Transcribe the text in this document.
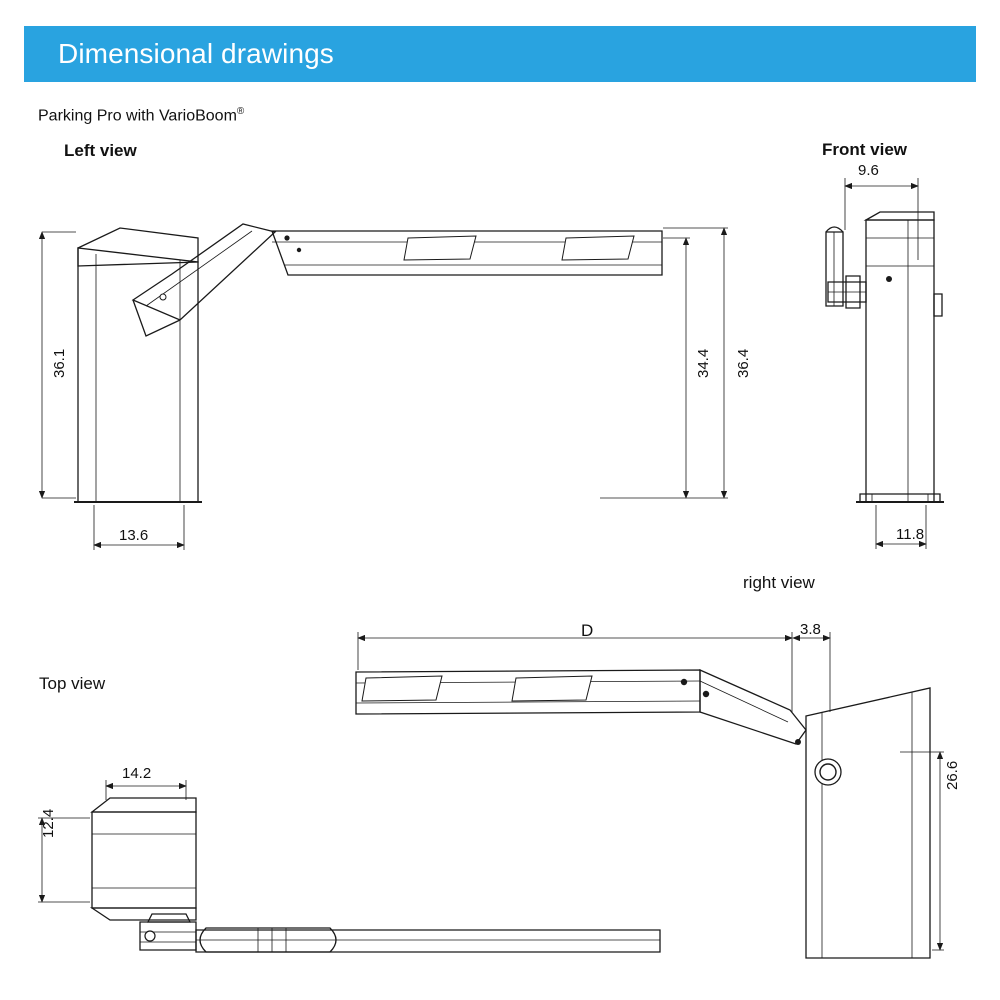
Dimensional drawings
Parking Pro with VarioBoom®
Left view	Front view
right view
Top view
36.1	34.4 36.4
13.6
9.6
11.8
D	3.8
26.6
14.2
12.4
